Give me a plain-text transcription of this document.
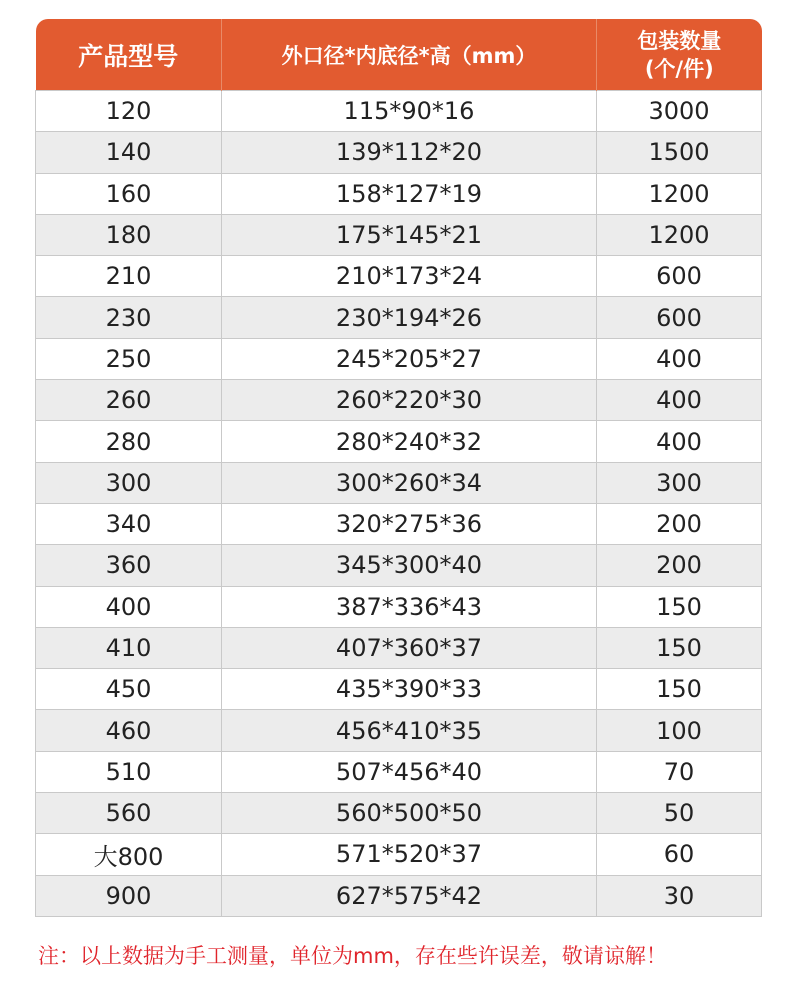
产品型号	外口径*内底径*高（mm）	包装数量
(个/件)

120	115*90*16	3000
140	139*112*20	1500
160	158*127*19	1200
180	175*145*21	1200
210	210*173*24	600
230	230*194*26	600
250	245*205*27	400
260	260*220*30	400
280	280*240*32	400
300	300*260*34	300
340	320*275*36	200
360	345*300*40	200
400	387*336*43	150
410	407*360*37	150
450	435*390*33	150
460	456*410*35	100
510	507*456*40	70
560	560*500*50	50
大800	571*520*37	60
900	627*575*42	30
注：以上数据为手工测量，单位为mm，存在些许误差，敬请谅解！
